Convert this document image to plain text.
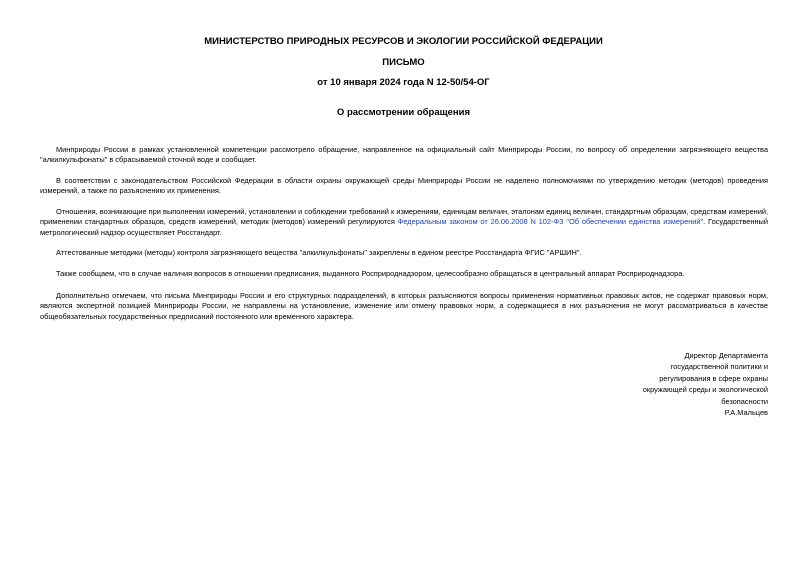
МИНИСТЕРСТВО ПРИРОДНЫХ РЕСУРСОВ И ЭКОЛОГИИ РОССИЙСКОЙ ФЕДЕРАЦИИ
ПИСЬМО
от 10 января 2024 года N 12-50/54-ОГ
О рассмотрении обращения

Минприроды России в рамках установленной компетенции рассмотрело обращение, направленное на официальный сайт Минприроды России, по вопросу об определении загрязняющего вещества "алкилкульфонаты" в сбрасываемой сточной воде и сообщает.

В соответствии с законодательством Российской Федерации в области охраны окружающей среды Минприроды России не наделено полномочиями по утверждению методик (методов) проведения измерений, а также по разъяснению их применения.

Отношения, возникающие при выполнении измерений, установлении и соблюдении требований к измерениям, единицам величин, эталонам единиц величин, стандартным образцам, средствам измерений, применении стандартных образцов, средств измерений, методик (методов) измерений регулируются Федеральным законом от 26.06.2008 N 102-ФЗ "Об обеспечении единства измерений". Государственный метрологический надзор осуществляет Росстандарт.

Аттестованные методики (методы) контроля загрязняющего вещества "алкилкульфонаты" закреплены в едином реестре Росстандарта ФГИС "АРШИН".

Также сообщаем, что в случае наличия вопросов в отношении предписания, выданного Росприроднадзором, целесообразно обращаться в центральный аппарат Росприроднадзора.

Дополнительно отмечаем, что письма Минприроды России и его структурных подразделений, в которых разъясняются вопросы применения нормативных правовых актов, не содержат правовых норм, являются экспертной позицией Минприроды России, не направлены на установление, изменение или отмену правовых норм, а содержащиеся в них разъяснения не могут рассматриваться в качестве общеобязательных государственных предписаний постоянного или временного характера.

Директор Департамента
государственной политики и
регулирования в сфере охраны
окружающей среды и экологической
безопасности
Р.А.Мальцев
